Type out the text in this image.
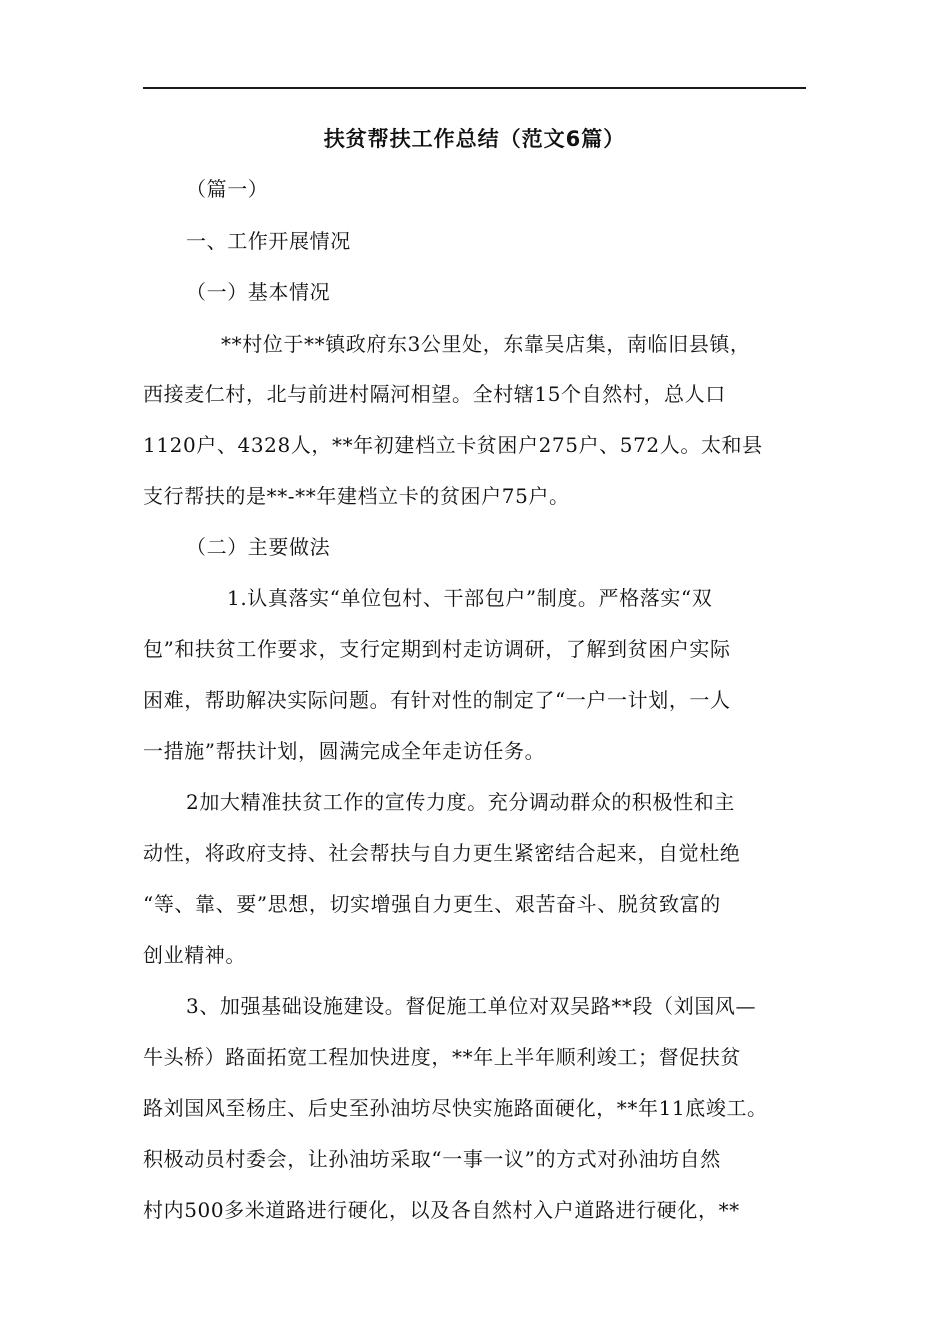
扶贫帮扶工作总结（范文6篇）
（篇一）
一、工作开展情况
（一）基本情况
**村位于**镇政府东3公里处，东靠吴店集，南临旧县镇，
西接麦仁村，北与前进村隔河相望。全村辖15个自然村，总人口
1120户、4328人，**年初建档立卡贫困户275户、572人。太和县
支行帮扶的是**-**年建档立卡的贫困户75户。
（二）主要做法
1.认真落实“单位包村、干部包户”制度。严格落实“双
包”和扶贫工作要求，支行定期到村走访调研，了解到贫困户实际
困难，帮助解决实际问题。有针对性的制定了“一户一计划，一人
一措施”帮扶计划，圆满完成全年走访任务。
2加大精准扶贫工作的宣传力度。充分调动群众的积极性和主
动性，将政府支持、社会帮扶与自力更生紧密结合起来，自觉杜绝
“等、靠、要”思想，切实增强自力更生、艰苦奋斗、脱贫致富的
创业精神。
3、加强基础设施建设。督促施工单位对双吴路**段（刘国风—
牛头桥）路面拓宽工程加快进度，**年上半年顺利竣工；督促扶贫
路刘国风至杨庄、后史至孙油坊尽快实施路面硬化，**年11底竣工。
积极动员村委会，让孙油坊采取“一事一议”的方式对孙油坊自然
村内500多米道路进行硬化，以及各自然村入户道路进行硬化，**
